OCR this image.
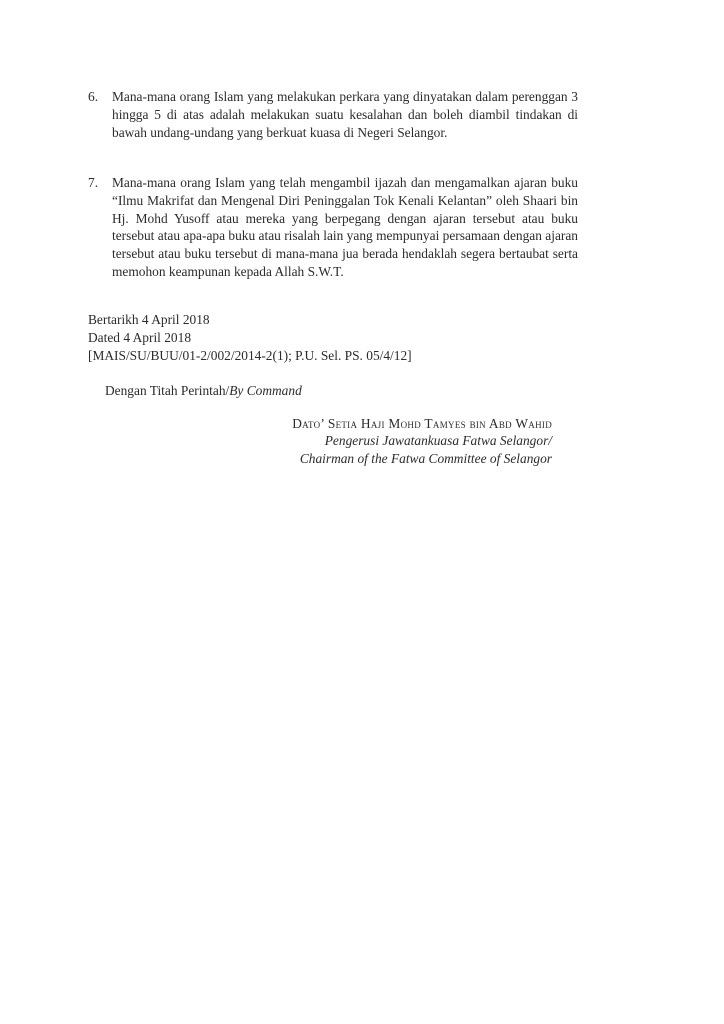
6. Mana-mana orang Islam yang melakukan perkara yang dinyatakan dalam perenggan 3 hingga 5 di atas adalah melakukan suatu kesalahan dan boleh diambil tindakan di bawah undang-undang yang berkuat kuasa di Negeri Selangor.
7. Mana-mana orang Islam yang telah mengambil ijazah dan mengamalkan ajaran buku “Ilmu Makrifat dan Mengenal Diri Peninggalan Tok Kenali Kelantan” oleh Shaari bin Hj. Mohd Yusoff atau mereka yang berpegang dengan ajaran tersebut atau buku tersebut atau apa-apa buku atau risalah lain yang mempunyai persamaan dengan ajaran tersebut atau buku tersebut di mana-mana jua berada hendaklah segera bertaubat serta memohon keampunan kepada Allah S.W.T.
Bertarikh 4 April 2018
Dated 4 April 2018
[MAIS/SU/BUU/01-2/002/2014-2(1); P.U. Sel. PS. 05/4/12]
Dengan Titah Perintah/By Command
Dato’ Setia Haji Mohd Tamyes bin Abd Wahid
Pengerusi Jawatankuasa Fatwa Selangor/
Chairman of the Fatwa Committee of Selangor
